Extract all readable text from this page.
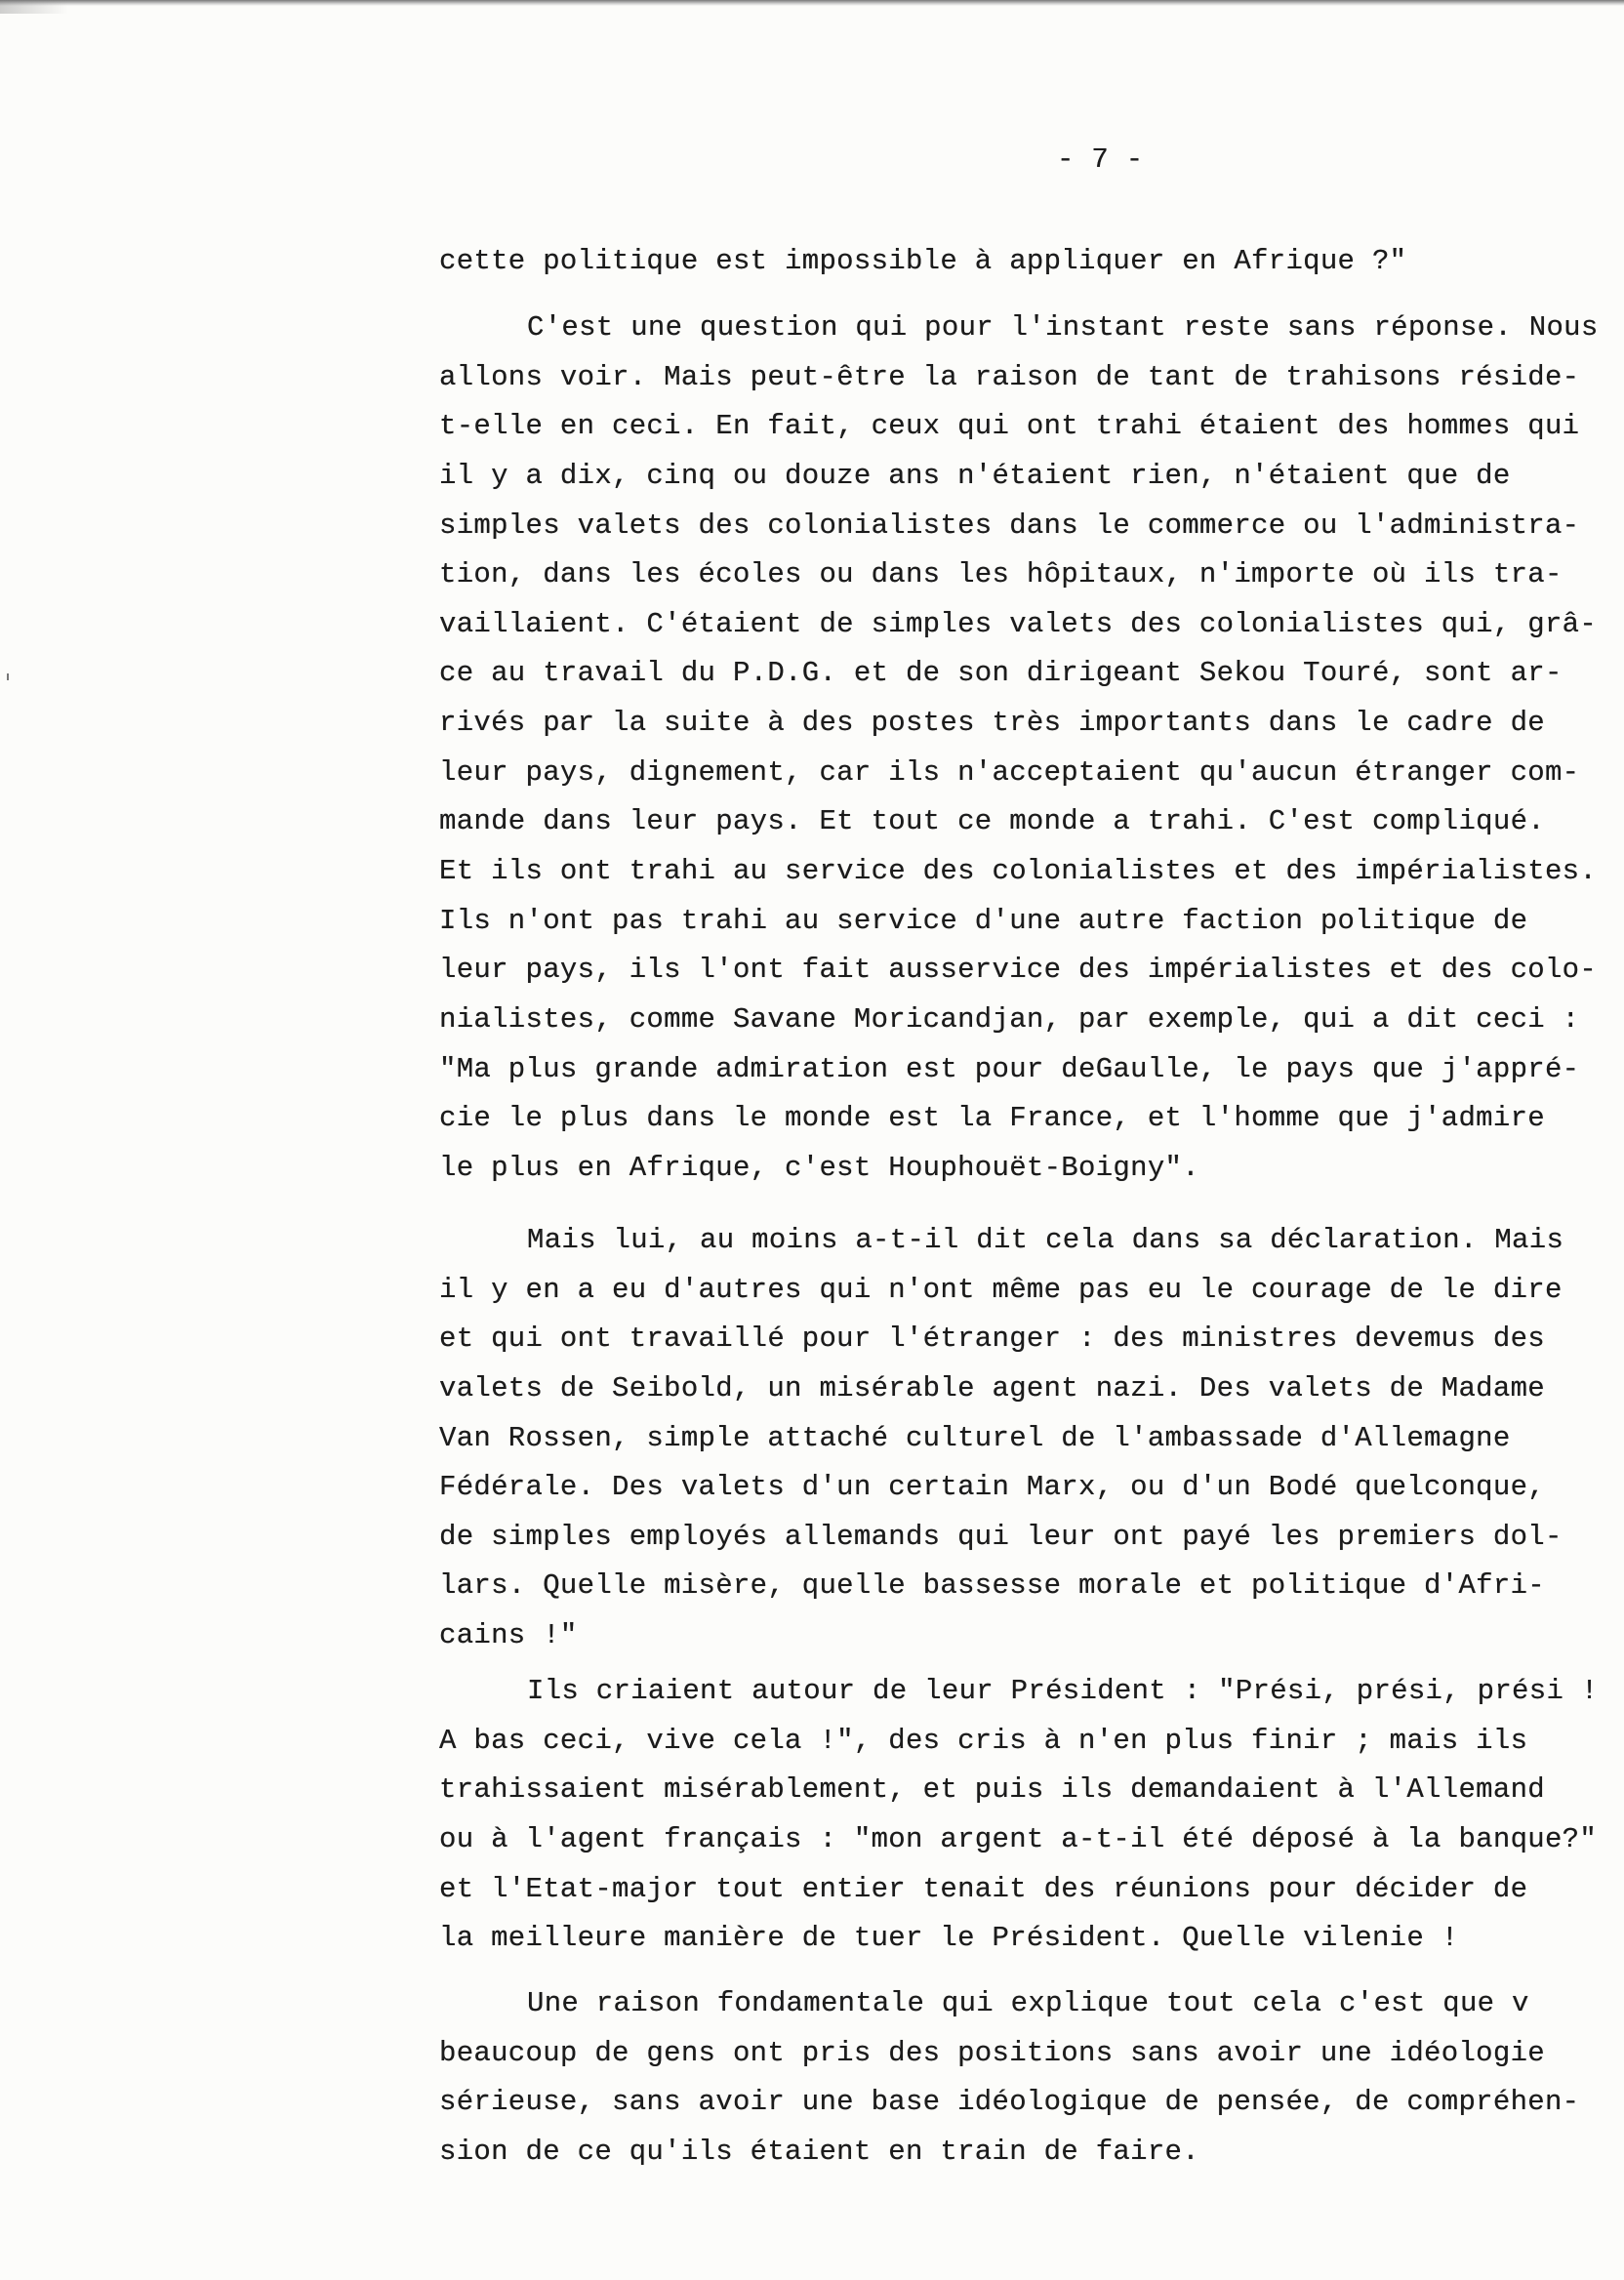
- 7 -
cette politique est impossible à appliquer en Afrique ?"
C'est une question qui pour l'instant reste sans réponse. Nous
allons voir. Mais peut-être la raison de tant de trahisons réside-
t-elle en ceci. En fait, ceux qui ont trahi étaient des hommes qui
il y a dix, cinq ou douze ans n'étaient rien, n'étaient que de
simples valets des colonialistes dans le commerce ou l'administra-
tion, dans les écoles ou dans les hôpitaux, n'importe où ils tra-
vaillaient. C'étaient de simples valets des colonialistes qui, grâ-
ce au travail du P.D.G. et de son dirigeant Sekou Touré, sont ar-
rivés par la suite à des postes très importants dans le cadre de
leur pays, dignement, car ils n'acceptaient qu'aucun étranger com-
mande dans leur pays. Et tout ce monde a trahi. C'est compliqué.
Et ils ont trahi au service des colonialistes et des impérialistes.
Ils n'ont pas trahi au service d'une autre faction politique de
leur pays, ils l'ont fait ausservice des impérialistes et des colo-
nialistes, comme Savane Moricandjan, par exemple, qui a dit ceci :
"Ma plus grande admiration est pour deGaulle, le pays que j'appré-
cie le plus dans le monde est la France, et l'homme que j'admire
le plus en Afrique, c'est Houphouët-Boigny".
Mais lui, au moins a-t-il dit cela dans sa déclaration. Mais
il y en a eu d'autres qui n'ont même pas eu le courage de le dire
et qui ont travaillé pour l'étranger : des ministres devemus des
valets de Seibold, un misérable agent nazi. Des valets de Madame
Van Rossen, simple attaché culturel de l'ambassade d'Allemagne
Fédérale. Des valets d'un certain Marx, ou d'un Bodé quelconque,
de simples employés allemands qui leur ont payé les premiers dol-
lars. Quelle misère, quelle bassesse morale et politique d'Afri-
cains !"
Ils criaient autour de leur Président : "Prési, prési, prési !
A bas ceci, vive cela !", des cris à n'en plus finir ; mais ils
trahissaient misérablement, et puis ils demandaient à l'Allemand
ou à l'agent français : "mon argent a-t-il été déposé à la banque?"
et l'Etat-major tout entier tenait des réunions pour décider de
la meilleure manière de tuer le Président. Quelle vilenie !
Une raison fondamentale qui explique tout cela c'est que v
beaucoup de gens ont pris des positions sans avoir une idéologie
sérieuse, sans avoir une base idéologique de pensée, de compréhen-
sion de ce qu'ils étaient en train de faire.
